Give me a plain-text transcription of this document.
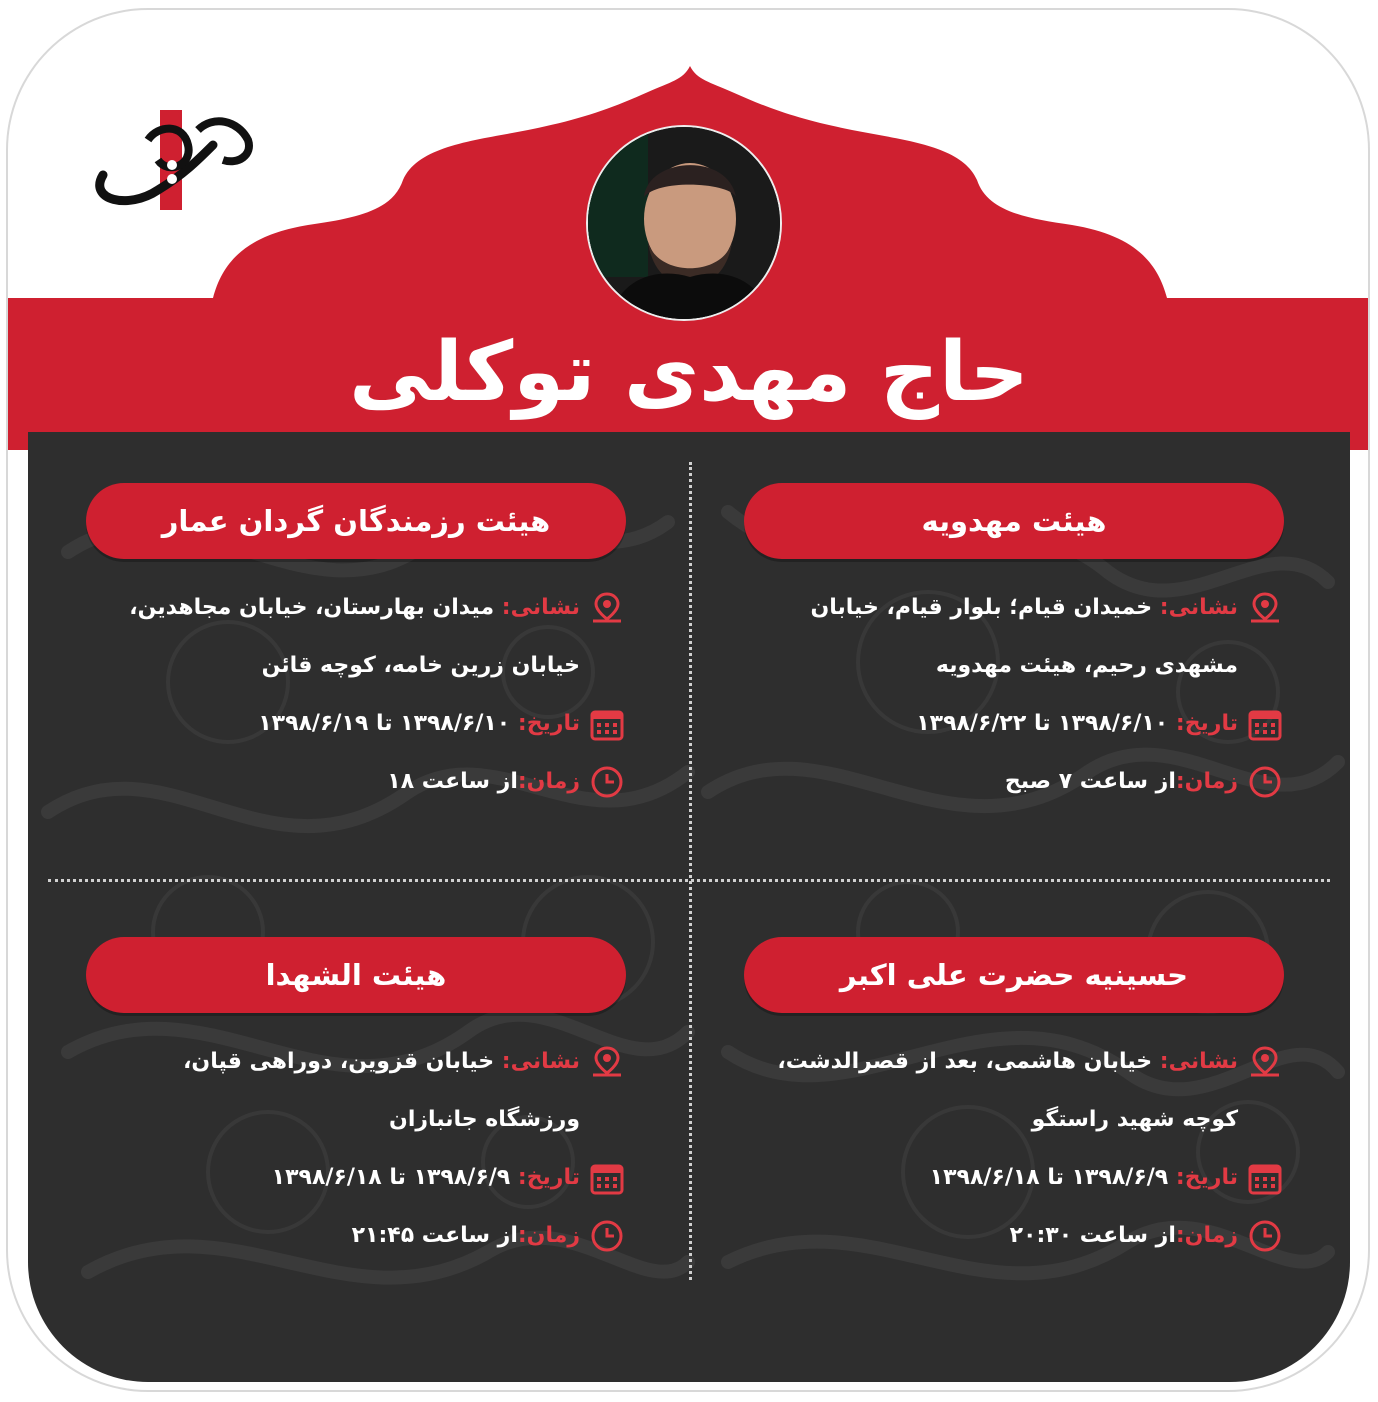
حاج مهدی توکلی
هیئت مهدویه
نشانی: خمیدان قیام؛ بلوار قیام، خیابان مشهدی رحیم، هیئت مهدویه
تاریخ: ۱۳۹۸/۶/۱۰ تا ۱۳۹۸/۶/۲۲
زمان:از ساعت ۷ صبح
هیئت رزمندگان گردان عمار
نشانی: میدان بهارستان، خیابان مجاهدین، خیابان زرین خامه، کوچه قائن
تاریخ: ۱۳۹۸/۶/۱۰ تا ۱۳۹۸/۶/۱۹
زمان:از ساعت ۱۸
حسینیه حضرت علی اکبر
نشانی: خیابان هاشمی، بعد از قصرالدشت، کوچه شهید راستگو
تاریخ: ۱۳۹۸/۶/۹ تا ۱۳۹۸/۶/۱۸
زمان:از ساعت ۲۰:۳۰
هیئت الشهدا
نشانی: خیابان قزوین، دوراهی قپان، ورزشگاه جانبازان
تاریخ: ۱۳۹۸/۶/۹ تا ۱۳۹۸/۶/۱۸
زمان:از ساعت ۲۱:۴۵
